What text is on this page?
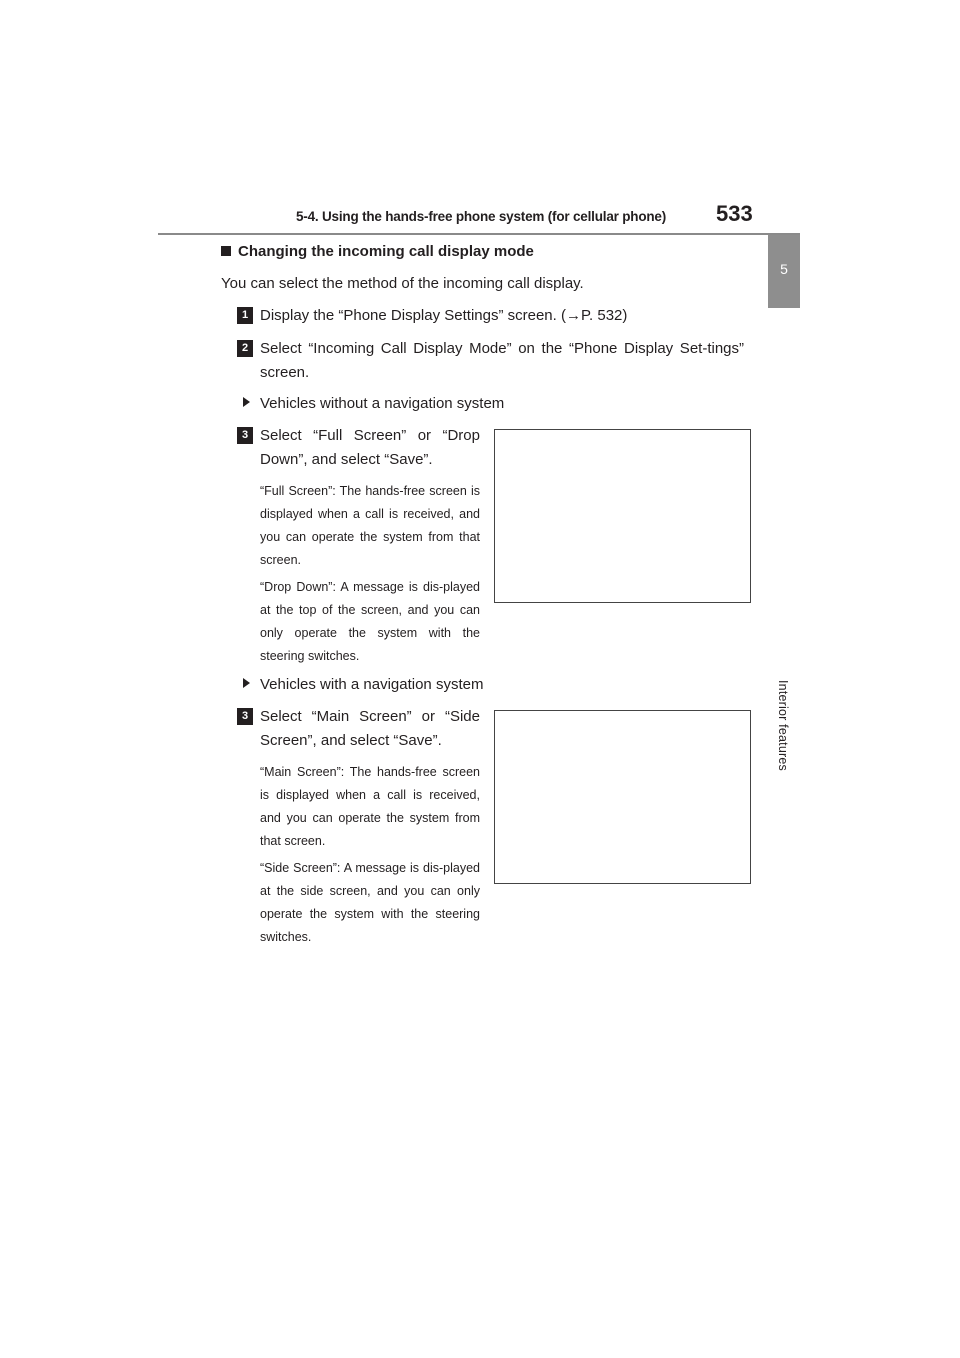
5-4. Using the hands-free phone system (for cellular phone) 533
5
Interior features
Changing the incoming call display mode
You can select the method of the incoming call display.
1 Display the “Phone Display Settings” screen. (→P. 532)
2 Select “Incoming Call Display Mode” on the “Phone Display Set-tings” screen.
Vehicles without a navigation system
3 Select “Full Screen” or “Drop Down”, and select “Save”.
“Full Screen”: The hands-free screen is displayed when a call is received, and you can operate the system from that screen.
“Drop Down”: A message is dis-played at the top of the screen, and you can only operate the system with the steering switches.
Vehicles with a navigation system
3 Select “Main Screen” or “Side Screen”, and select “Save”.
“Main Screen”: The hands-free screen is displayed when a call is received, and you can operate the system from that screen.
“Side Screen”: A message is dis-played at the side screen, and you can only operate the system with the steering switches.
